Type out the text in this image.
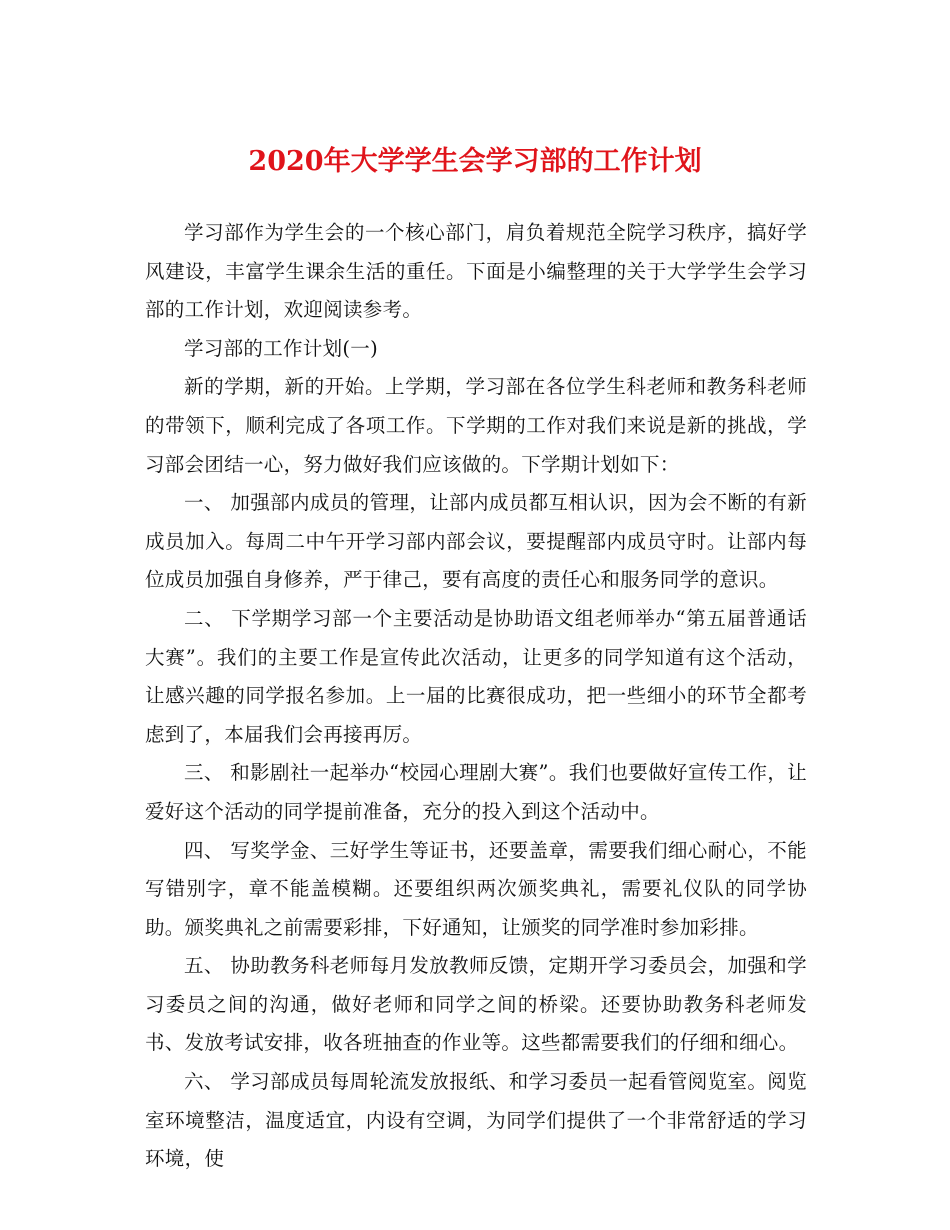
2020年大学学生会学习部的工作计划

学习部作为学生会的一个核心部门，肩负着规范全院学习秩序，搞好学风建设，丰富学生课余生活的重任。下面是小编整理的关于大学学生会学习部的工作计划，欢迎阅读参考。

学习部的工作计划(一)

新的学期，新的开始。上学期，学习部在各位学生科老师和教务科老师的带领下，顺利完成了各项工作。下学期的工作对我们来说是新的挑战，学习部会团结一心，努力做好我们应该做的。下学期计划如下：

一、 加强部内成员的管理，让部内成员都互相认识，因为会不断的有新成员加入。每周二中午开学习部内部会议，要提醒部内成员守时。让部内每位成员加强自身修养，严于律己，要有高度的责任心和服务同学的意识。

二、 下学期学习部一个主要活动是协助语文组老师举办“第五届普通话大赛”。我们的主要工作是宣传此次活动，让更多的同学知道有这个活动，让感兴趣的同学报名参加。上一届的比赛很成功，把一些细小的环节全都考虑到了，本届我们会再接再厉。

三、 和影剧社一起举办“校园心理剧大赛”。我们也要做好宣传工作，让爱好这个活动的同学提前准备，充分的投入到这个活动中。

四、 写奖学金、三好学生等证书，还要盖章，需要我们细心耐心，不能写错别字，章不能盖模糊。还要组织两次颁奖典礼，需要礼仪队的同学协助。颁奖典礼之前需要彩排，下好通知，让颁奖的同学准时参加彩排。

五、 协助教务科老师每月发放教师反馈，定期开学习委员会，加强和学习委员之间的沟通，做好老师和同学之间的桥梁。还要协助教务科老师发书、发放考试安排，收各班抽查的作业等。这些都需要我们的仔细和细心。

六、 学习部成员每周轮流发放报纸、和学习委员一起看管阅览室。阅览室环境整洁，温度适宜，内设有空调，为同学们提供了一个非常舒适的学习环境，使
